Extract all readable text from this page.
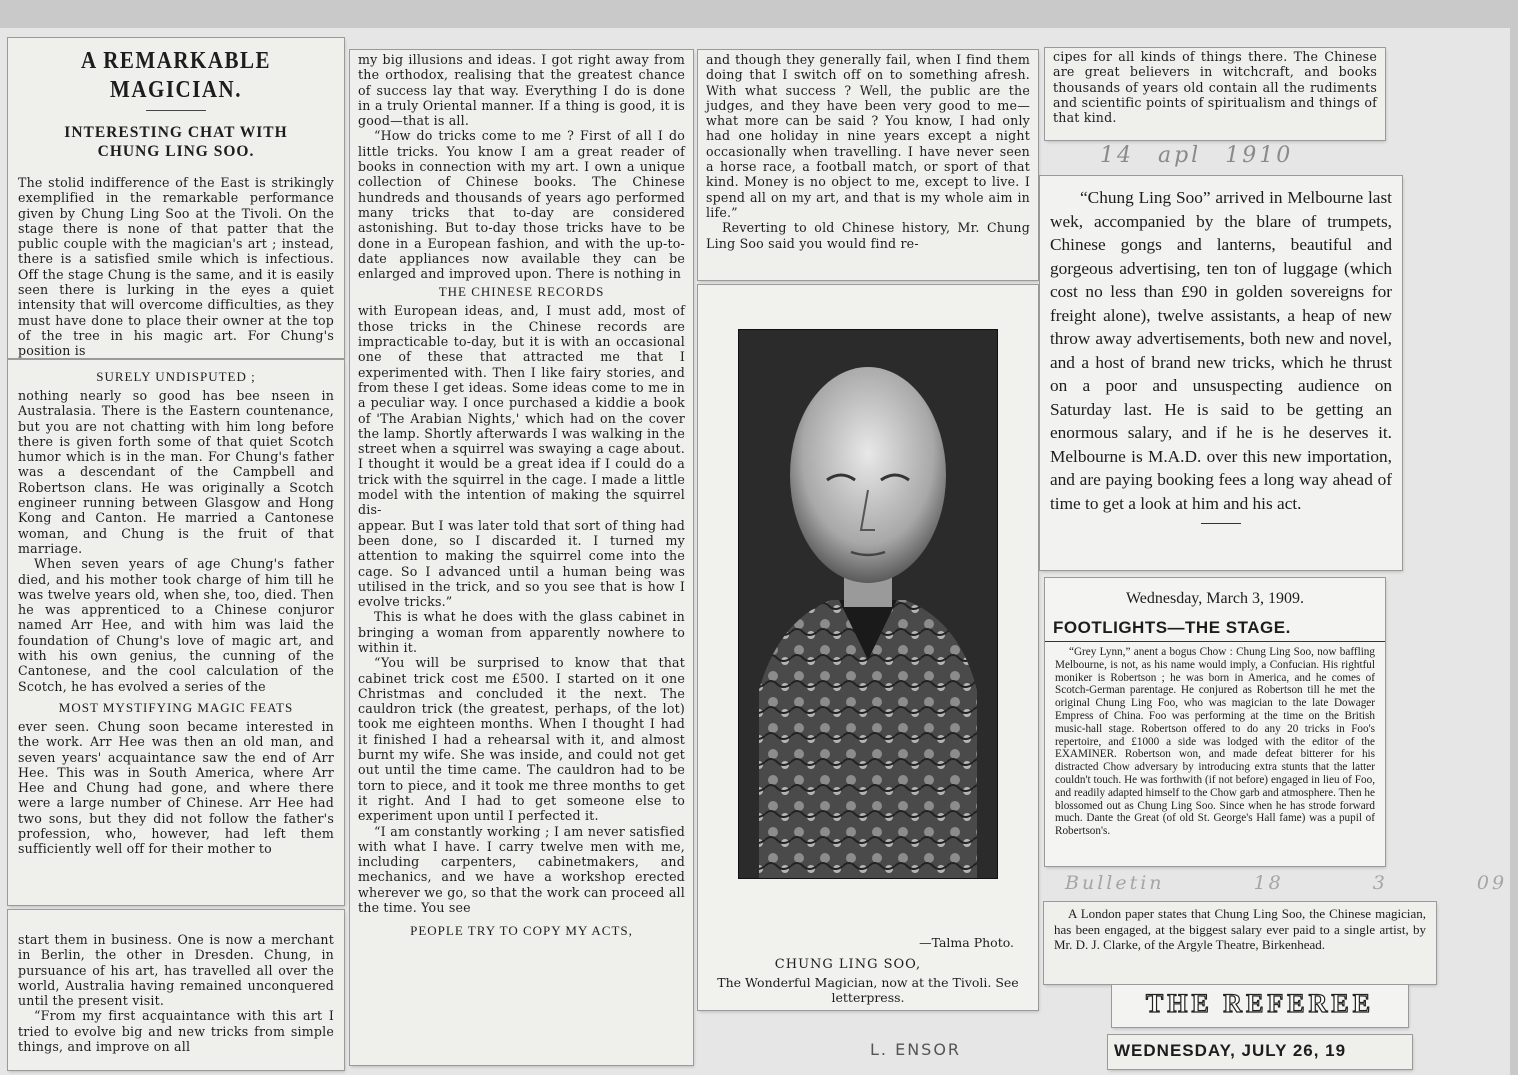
A REMARKABLE MAGICIAN.
INTERESTING CHAT WITH CHUNG LING SOO.

The stolid indifference of the East is strikingly exemplified in the remarkable performance given by Chung Ling Soo at the Tivoli. On the stage there is none of that patter that the public couple with the magician's art ; instead, there is a satisfied smile which is infectious. Off the stage Chung is the same, and it is easily seen there is lurking in the eyes a quiet intensity that will overcome difficulties, as they must have done to place their owner at the top of the tree in his magic art. For Chung's position is

SURELY UNDISPUTED ;

nothing nearly so good has bee nseen in Australasia. There is the Eastern countenance, but you are not chatting with him long before there is given forth some of that quiet Scotch humor which is in the man. For Chung's father was a descendant of the Campbell and Robertson clans. He was originally a Scotch engineer running between Glasgow and Hong Kong and Canton. He married a Cantonese woman, and Chung is the fruit of that marriage.

When seven years of age Chung's father died, and his mother took charge of him till he was twelve years old, when she, too, died. Then he was apprenticed to a Chinese conjuror named Arr Hee, and with him was laid the foundation of Chung's love of magic art, and with his own genius, the cunning of the Cantonese, and the cool calculation of the Scotch, he has evolved a series of the

MOST MYSTIFYING MAGIC FEATS

ever seen. Chung soon became interested in the work. Arr Hee was then an old man, and seven years' acquaintance saw the end of Arr Hee. This was in South America, where Arr Hee and Chung had gone, and where there were a large number of Chinese. Arr Hee had two sons, but they did not follow the father's profession, who, however, had left them sufficiently well off for their mother to

start them in business. One is now a merchant in Berlin, the other in Dresden. Chung, in pursuance of his art, has travelled all over the world, Australia having remained unconquered until the present visit.

“From my first acquaintance with this art I tried to evolve big and new tricks from simple things, and improve on all

my big illusions and ideas. I got right away from the orthodox, realising that the greatest chance of success lay that way. Everything I do is done in a truly Oriental manner. If a thing is good, it is good—that is all.

“How do tricks come to me ? First of all I do little tricks. You know I am a great reader of books in connection with my art. I own a unique collection of Chinese books. The Chinese hundreds and thousands of years ago performed many tricks that to-day are considered astonishing. But to-day those tricks have to be done in a European fashion, and with the up-to-date appliances now available they can be enlarged and improved upon. There is nothing in

THE CHINESE RECORDS

with European ideas, and, I must add, most of those tricks in the Chinese records are impracticable to-day, but it is with an occasional one of these that attracted me that I experimented with. Then I like fairy stories, and from these I get ideas. Some ideas come to me in a peculiar way. I once purchased a kiddie a book of 'The Arabian Nights,' which had on the cover the lamp. Shortly afterwards I was walking in the street when a squirrel was swaying a cage about. I thought it would be a great idea if I could do a trick with the squirrel in the cage. I made a little model with the intention of making the squirrel dis-

appear. But I was later told that sort of thing had been done, so I discarded it. I turned my attention to making the squirrel come into the cage. So I advanced until a human being was utilised in the trick, and so you see that is how I evolve tricks.”

This is what he does with the glass cabinet in bringing a woman from apparently nowhere to within it.

“You will be surprised to know that that cabinet trick cost me £500. I started on it one Christmas and concluded it the next. The cauldron trick (the greatest, perhaps, of the lot) took me eighteen months. When I thought I had it finished I had a rehearsal with it, and almost burnt my wife. She was inside, and could not get out until the time came. The cauldron had to be torn to piece, and it took me three months to get it right. And I had to get someone else to experiment upon until I perfected it.

“I am constantly working ; I am never satisfied with what I have. I carry twelve men with me, including carpenters, cabinetmakers, and mechanics, and we have a workshop erected wherever we go, so that the work can proceed all the time. You see

PEOPLE TRY TO COPY MY ACTS,

and though they generally fail, when I find them doing that I switch off on to something afresh. With what success ? Well, the public are the judges, and they have been very good to me—what more can be said ? You know, I had only had one holiday in nine years except a night occasionally when travelling. I have never seen a horse race, a football match, or sport of that kind. Money is no object to me, except to live. I spend all on my art, and that is my whole aim in life.”

Reverting to old Chinese history, Mr. Chung Ling Soo said you would find re-

—Talma Photo.
CHUNG LING SOO,
The Wonderful Magician, now at the Tivoli. See letterpress.

cipes for all kinds of things there. The Chinese are great believers in witchcraft, and books thousands of years old contain all the rudiments and scientific points of spiritualism and things of that kind.

14 apl 1910

“Chung Ling Soo” arrived in Melbourne last wek, accompanied by the blare of trumpets, Chinese gongs and lanterns, beautiful and gorgeous advertising, ten ton of luggage (which cost no less than £90 in golden sovereigns for freight alone), twelve assistants, a heap of new throw away advertisements, both new and novel, and a host of brand new tricks, which he thrust on a poor and unsuspecting audience on Saturday last. He is said to be getting an enormous salary, and if he is he deserves it. Melbourne is M.A.D. over this new importation, and are paying booking fees a long way ahead of time to get a look at him and his act.

Wednesday, March 3, 1909.
FOOTLIGHTS—THE STAGE.

“Grey Lynn,” anent a bogus Chow : Chung Ling Soo, now baffling Melbourne, is not, as his name would imply, a Confucian. His rightful moniker is Robertson ; he was born in America, and he comes of Scotch-German parentage. He conjured as Robertson till he met the original Chung Ling Foo, who was magician to the late Dowager Empress of China. Foo was performing at the time on the British music-hall stage. Robertson offered to do any 20 tricks in Foo's repertoire, and £1000 a side was lodged with the editor of the EXAMINER. Robertson won, and made defeat bitterer for his distracted Chow adversary by introducing extra stunts that the latter couldn't touch. He was forthwith (if not before) engaged in lieu of Foo, and readily adapted himself to the Chow garb and atmosphere. Then he blossomed out as Chung Ling Soo. Since when he has strode forward much. Dante the Great (of old St. George's Hall fame) was a pupil of Robertson's.

Bulletin 18 3 09

A London paper states that Chung Ling Soo, the Chinese magician, has been engaged, at the biggest salary ever paid to a single artist, by Mr. D. J. Clarke, of the Argyle Theatre, Birkenhead.

THE REFEREE
WEDNESDAY, JULY 26, 19
L. ENSOR
